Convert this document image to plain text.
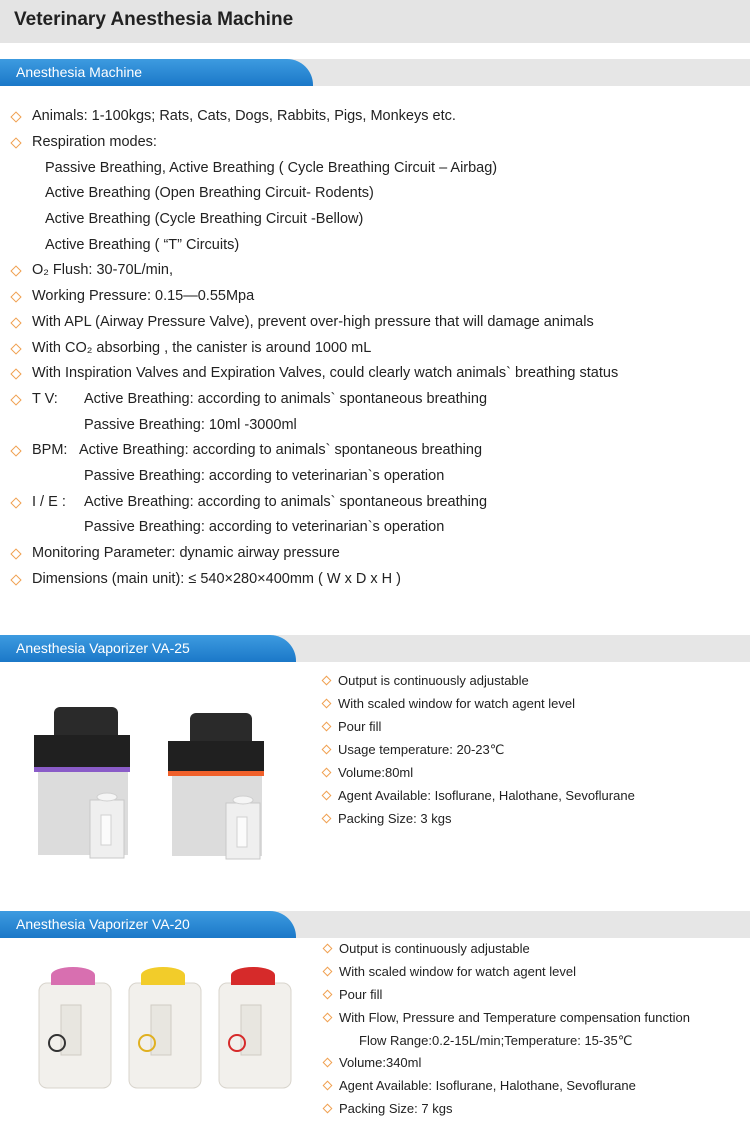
Veterinary Anesthesia Machine
Anesthesia Machine
Animals: 1-100kgs; Rats, Cats, Dogs, Rabbits, Pigs, Monkeys etc.
Respiration modes:
Passive Breathing, Active Breathing ( Cycle Breathing Circuit – Airbag)
Active Breathing (Open Breathing Circuit- Rodents)
Active Breathing (Cycle Breathing Circuit -Bellow)
Active Breathing ( “T” Circuits)
O₂ Flush: 30-70L/min,
Working Pressure: 0.15—0.55Mpa
With APL (Airway Pressure Valve), prevent over-high pressure that will damage animals
With CO₂ absorbing , the canister is around 1000 mL
With Inspiration Valves and Expiration Valves, could clearly watch animals` breathing status
T V: Active Breathing: according to animals` spontaneous breathing
Passive Breathing: 10ml -3000ml
BPM: Active Breathing: according to animals` spontaneous breathing
Passive Breathing: according to veterinarian`s operation
I / E : Active Breathing: according to animals` spontaneous breathing
Passive Breathing: according to veterinarian`s operation
Monitoring Parameter: dynamic airway pressure
Dimensions (main unit): ≤ 540×280×400mm ( W x D x H )
Anesthesia Vaporizer VA-25
Output is continuously adjustable
With scaled window for watch agent level
Pour fill
Usage temperature: 20-23℃
Volume:80ml
Agent Available: Isoflurane, Halothane, Sevoflurane
Packing Size: 3 kgs
Anesthesia Vaporizer VA-20
Output is continuously adjustable
With scaled window for watch agent level
Pour fill
With Flow, Pressure and Temperature compensation function
Flow Range:0.2-15L/min;Temperature: 15-35℃
Volume:340ml
Agent Available: Isoflurane, Halothane, Sevoflurane
Packing Size: 7 kgs
